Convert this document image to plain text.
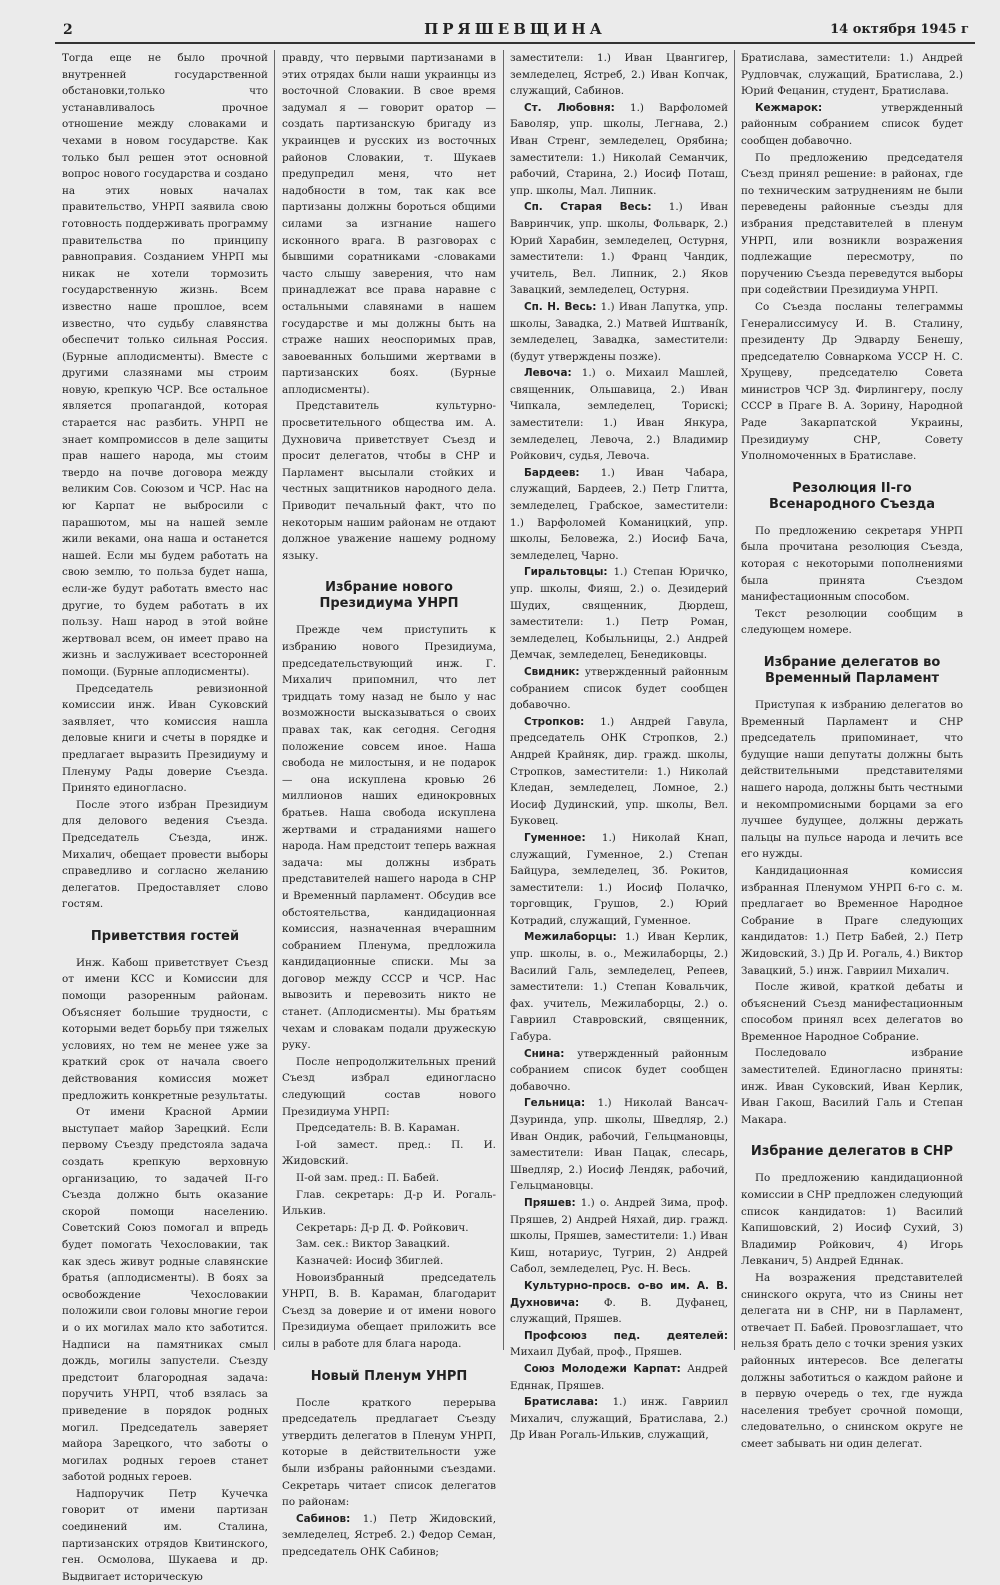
2	ПРЯШЕВЩИНА	14 октября 1945 г

Тогда еще не было прочной внутренней государственной обстановки,только что устанавливалось прочное отношение между словаками и чехами в новом государстве. Как только был решен этот основной вопрос нового государства и создано на этих новых началах правительство, УНРП заявила свою готовность поддерживать программу правительства по принципу равноправия. Созданием УНРП мы никак не хотели тормозить государственную жизнь. Всем известно наше прошлое, всем известно, что судьбу славянства обеспечит только сильная Россия. (Бурные аплодисменты). Вместе с другими слазянами мы строим новую, крепкую ЧСР. Все остальное является пропагандой, которая старается нас разбить. УНРП не знает компромиссов в деле защиты прав нашего народа, мы стоим твердо на почве договора между великим Сов. Союзом и ЧСР. Нас на юг Карпат не выбросили с парашютом, мы на нашей земле жили веками, она наша и останется нашей. Если мы будем работать на свою землю, то польза будет наша, если-же будут работать вместо нас другие, то будем работать в их пользу. Наш народ в этой войне жертвовал всем, он имеет право на жизнь и заслуживает всесторонней помощи. (Бурные аплодисменты).

Председатель ревизионной комиссии инж. Иван Суковский заявляет, что комиссия нашла деловые книги и счеты в порядке и предлагает выразить Президиуму и Пленуму Рады доверие Съезда. Принято единогласно.

После этого избран Президиум для делового ведения Съезда. Председатель Съезда, инж. Михалич, обещает провести выборы справедливо и согласно желанию делегатов. Предоставляет слово гостям.

Приветствия гостей

Инж. Кабош приветствует Съезд от имени КСС и Комиссии для помощи разоренным районам. Объясняет большие трудности, с которыми ведет борьбу при тяжелых условиях, но тем не менее уже за краткий срок от начала своего действования комиссия может предложить конкретные результаты.

От имени Красной Армии выступает майор Зарецкий. Если первому Съезду предстояла задача создать крепкую верховную организацию, то задачей II-го Съезда должно быть оказание скорой помощи населению. Советский Союз помогал и впредь будет помогать Чехословакии, так как здесь живут родные славянские братья (аплодисменты). В боях за освобождение Чехословакии положили свои головы многие герои и о их могилах мало кто заботится. Надписи на памятниках смыл дождь, могилы запустели. Съезду предстоит благородная задача: поручить УНРП, чтоб взялась за приведение в порядок родных могил. Председатель заверяет майора Зарецкого, что заботы о могилах родных героев станет заботой родных героев.

Надпоручик Петр Кучечка говорит от имени партизан соединений им. Сталина, партизанских отрядов Квитинского, ген. Осмолова, Шукаева и др. Выдвигает историческую

правду, что первыми партизанами в этих отрядах были наши украинцы из восточной Словакии. В свое время задумал я — говорит оратор — создать партизанскую бригаду из украинцев и русских из восточных районов Словакии, т. Шукаев предупредил меня, что нет надобности в том, так как все партизаны должны бороться общими силами за изгнание нашего исконного врага. В разговорах с бывшими соратниками -словаками часто слышу заверения, что нам принадлежат все права наравне с остальными славянами в нашем государстве и мы должны быть на страже наших неоспоримых прав, завоеванных большими жертвами в партизанских боях. (Бурные аплодисменты).

Представитель культурно-просветительного общества им. А. Духновича приветствует Съезд и просит делегатов, чтобы в СНР и Парламент высылали стойких и честных защитников народного дела. Приводит печальный факт, что по некоторым нашим районам не отдают должное уважение нашему родному языку.

Избрание нового Президиума УНРП

Прежде чем приступить к избранию нового Президиума, председательствующий инж. Г. Михалич припомнил, что лет тридцать тому назад не было у нас возможности высказываться о своих правах так, как сегодня. Сегодня положение совсем иное. Наша свобода не милостыня, и не подарок — она искуплена кровью 26 миллионов наших единокровных братьев. Наша свобода искуплена жертвами и страданиями нашего народа. Нам предстоит теперь важная задача: мы должны избрать представителей нашего народа в СНР и Временный парламент. Обсудив все обстоятельства, кандидационная комиссия, назначенная вчерашним собранием Пленума, предложила кандидационные списки. Мы за договор между СССР и ЧСР. Нас вывозить и перевозить никто не станет. (Аплодисменты). Мы братьям чехам и словакам подали дружескую руку.

После непродолжительных прений Съезд избрал единогласно следующий состав нового Президиума УНРП:

Председатель: В. В. Караман.

I-ой замест. пред.: П. И. Жидовский.

II-ой зам. пред.: П. Бабей.

Глав. секретарь: Д-р И. Рогаль-Илькив.

Секретарь: Д-р Д. Ф. Ройкович.

Зам. сек.: Виктор Завацкий.

Казначей: Иосиф Збиглей.

Новоизбранный председатель УНРП, В. В. Караман, благодарит Съезд за доверие и от имени нового Президиума обещает приложить все силы в работе для блага народа.

Новый Пленум УНРП

После краткого перерыва председатель предлагает Съезду утвердить делегатов в Пленум УНРП, которые в действительности уже были избраны районными съездами. Секретарь читает список делегатов по районам:

Сабинов: 1.) Петр Жидовский, земледелец, Ястреб. 2.) Федор Семан, председатель ОНК Сабинов;

заместители: 1.) Иван Цвангигер, земледелец, Ястреб, 2.) Иван Копчак, служащий, Сабинов.

Ст. Любовня: 1.) Варфоломей Баволяр, упр. школы, Легнава, 2.) Иван Стренг, земледелец, Орябина; заместители: 1.) Николай Семанчик, рабочий, Старина, 2.) Иосиф Поташ, упр. школы, Мал. Липник.

Сп. Старая Весь: 1.) Иван Вавринчик, упр. школы, Фольварк, 2.) Юрий Харабин, земледелец, Остурня, заместители: 1.) Франц Чандик, учитель, Вел. Липник, 2.) Яков Завацкий, земледелец, Остурня.

Сп. Н. Весь: 1.) Иван Лапутка, упр. школы, Завадка, 2.) Матвей Иштванík, земледелец, Завадка, заместители: (будут утверждены позже).

Левоча: 1.) о. Михаил Машлей, священник, Ольшавица, 2.) Иван Чипкала, земледелец, Торискi; заместители: 1.) Иван Янкура, земледелец, Левоча, 2.) Владимир Ройкович, судья, Левоча.

Бардеев: 1.) Иван Чабара, служащий, Бардеев, 2.) Петр Глитта, земледелец, Грабское, заместители: 1.) Варфоломей Команицкий, упр. школы, Беловежа, 2.) Иосиф Бача, земледелец, Чарно.

Гиральтовцы: 1.) Степан Юричко, упр. школы, Фияш, 2.) о. Дезидерий Шудих, священник, Дюрдеш, заместители: 1.) Петр Роман, земледелец, Кобыльницы, 2.) Андрей Демчак, земледелец, Бенедиковцы.

Свидник: утвержденный районным собранием список будет сообщен добавочно.

Стропков: 1.) Андрей Гавула, председатель ОНК Стропков, 2.) Андрей Крайняк, дир. гражд. школы, Стропков, заместители: 1.) Николай Кледан, земледелец, Ломное, 2.) Иосиф Дудинский, упр. школы, Вел. Буковец.

Гуменное: 1.) Николай Кнап, служащий, Гуменное, 2.) Степан Байцура, земледелец, Зб. Рокитов, заместители: 1.) Иосиф Полачко, торговщик, Грушов, 2.) Юрий Котрадий, служащий, Гуменное.

Межилаборцы: 1.) Иван Керлик, упр. школы, в. о., Межилаборцы, 2.) Василий Галь, земледелец, Репеев, заместители: 1.) Степан Ковальчик, фах. учитель, Межилаборцы, 2.) о. Гавриил Ставровский, священник, Габура.

Снина: утвержденный районным собранием список будет сообщен добавочно.

Гельница: 1.) Николай Вансач-Дзуринда, упр. школы, Шведляр, 2.) Иван Ондик, рабочий, Гельцмановцы, заместители: Иван Пацак, слесарь, Шведляр, 2.) Иосиф Лендяк, рабочий, Гельцмановцы.

Пряшев: 1.) о. Андрей Зима, проф. Пряшев, 2) Андрей Няхай, дир. гражд. школы, Пряшев, заместители: 1.) Иван Киш, нотариус, Тугрин, 2) Андрей Сабол, земледелец, Рус. Н. Весь.

Культурно-просв. о-во им. А. В. Духновича: Ф. В. Дуфанец, служащий, Пряшев.

Профсоюз пед. деятелей: Михаил Дубай, проф., Пряшев.

Союз Молодежи Карпат: Андрей Едннак, Пряшев.

Братислава: 1.) инж. Гавриил Михалич, служащий, Братислава, 2.) Др Иван Рогаль-Илькив, служащий,

Братислава, заместители: 1.) Андрей Рудловчак, служащий, Братислава, 2.) Юрий Фецанин, студент, Братислава.

Кежмарок:	утвержденный районным собранием список будет сообщен добавочно.

По предложению председателя Съезд принял решение: в районах, где по техническим затруднениям не были переведены районные съезды для избрания представителей в пленум УНРП, или возникли возражения подлежащие пересмотру, по поручению Съезда переведутся выборы при содействии Президиума УНРП.

Со Съезда посланы телеграммы Генералиссимусу И. В. Сталину, президенту Др Эдварду Бенешу, председателю Совнаркома УССР Н. С. Хрущеву, председателю Совета министров ЧСР Зд. Фирлингеру, послу СССР в Праге В. А. Зорину, Народной Раде Закарпатской Украины, Президиуму СНР, Совету Уполномоченных в Братиславе.

Резолюция II-го Всенародного Съезда

По предложению секретаря УНРП была прочитана резолюция Съезда, которая с некоторыми пополнениями была принята Съездом манифестационным способом.

Текст резолюции сообщим в следующем номере.

Избрание делегатов во Временный Парламент

Приступая к избранию делегатов во Временный Парламент и СНР председатель припоминает, что будущие наши депутаты должны быть действительными представителями нашего народа, должны быть честными и некомпромисными борцами за его лучшее будущее, должны держать пальцы на пульсе народа и лечить все его нужды.

Кандидационная комиссия избранная Пленумом УНРП 6-го с. м. предлагает во Временное Народное Собрание в Праге следующих кандидатов: 1.) Петр Бабей, 2.) Петр Жидовский, 3.) Др И. Рогаль, 4.) Виктор Завацкий, 5.) инж. Гавриил Михалич.

После живой, краткой дебаты и объяснений Съезд манифестационным способом принял всех делегатов во Временное Народное Собрание.

Последовало избрание заместителей. Единогласно приняты: инж. Иван Суковский, Иван Керлик, Иван Гакош, Василий Галь и Степан Макара.

Избрание делегатов в СНР

По предложению кандидационной комиссии в СНР предложен следующий список кандидатов: 1) Василий Капишовский, 2) Иосиф Сухий, 3) Владимир Ройкович, 4) Игорь Левканич, 5) Андрей Едннак.

На возражения представителей снинского округа, что из Снины нет делегата ни в СНР, ни в Парламент, отвечает П. Бабей. Провозглашает, что нельзя брать дело с точки зрения узких районных интересов. Все делегаты должны заботиться о каждом районе и в первую очередь о тех, где нужда населения требует срочной помощи, следовательно, о снинском округе не смеет забывать ни один делегат.
